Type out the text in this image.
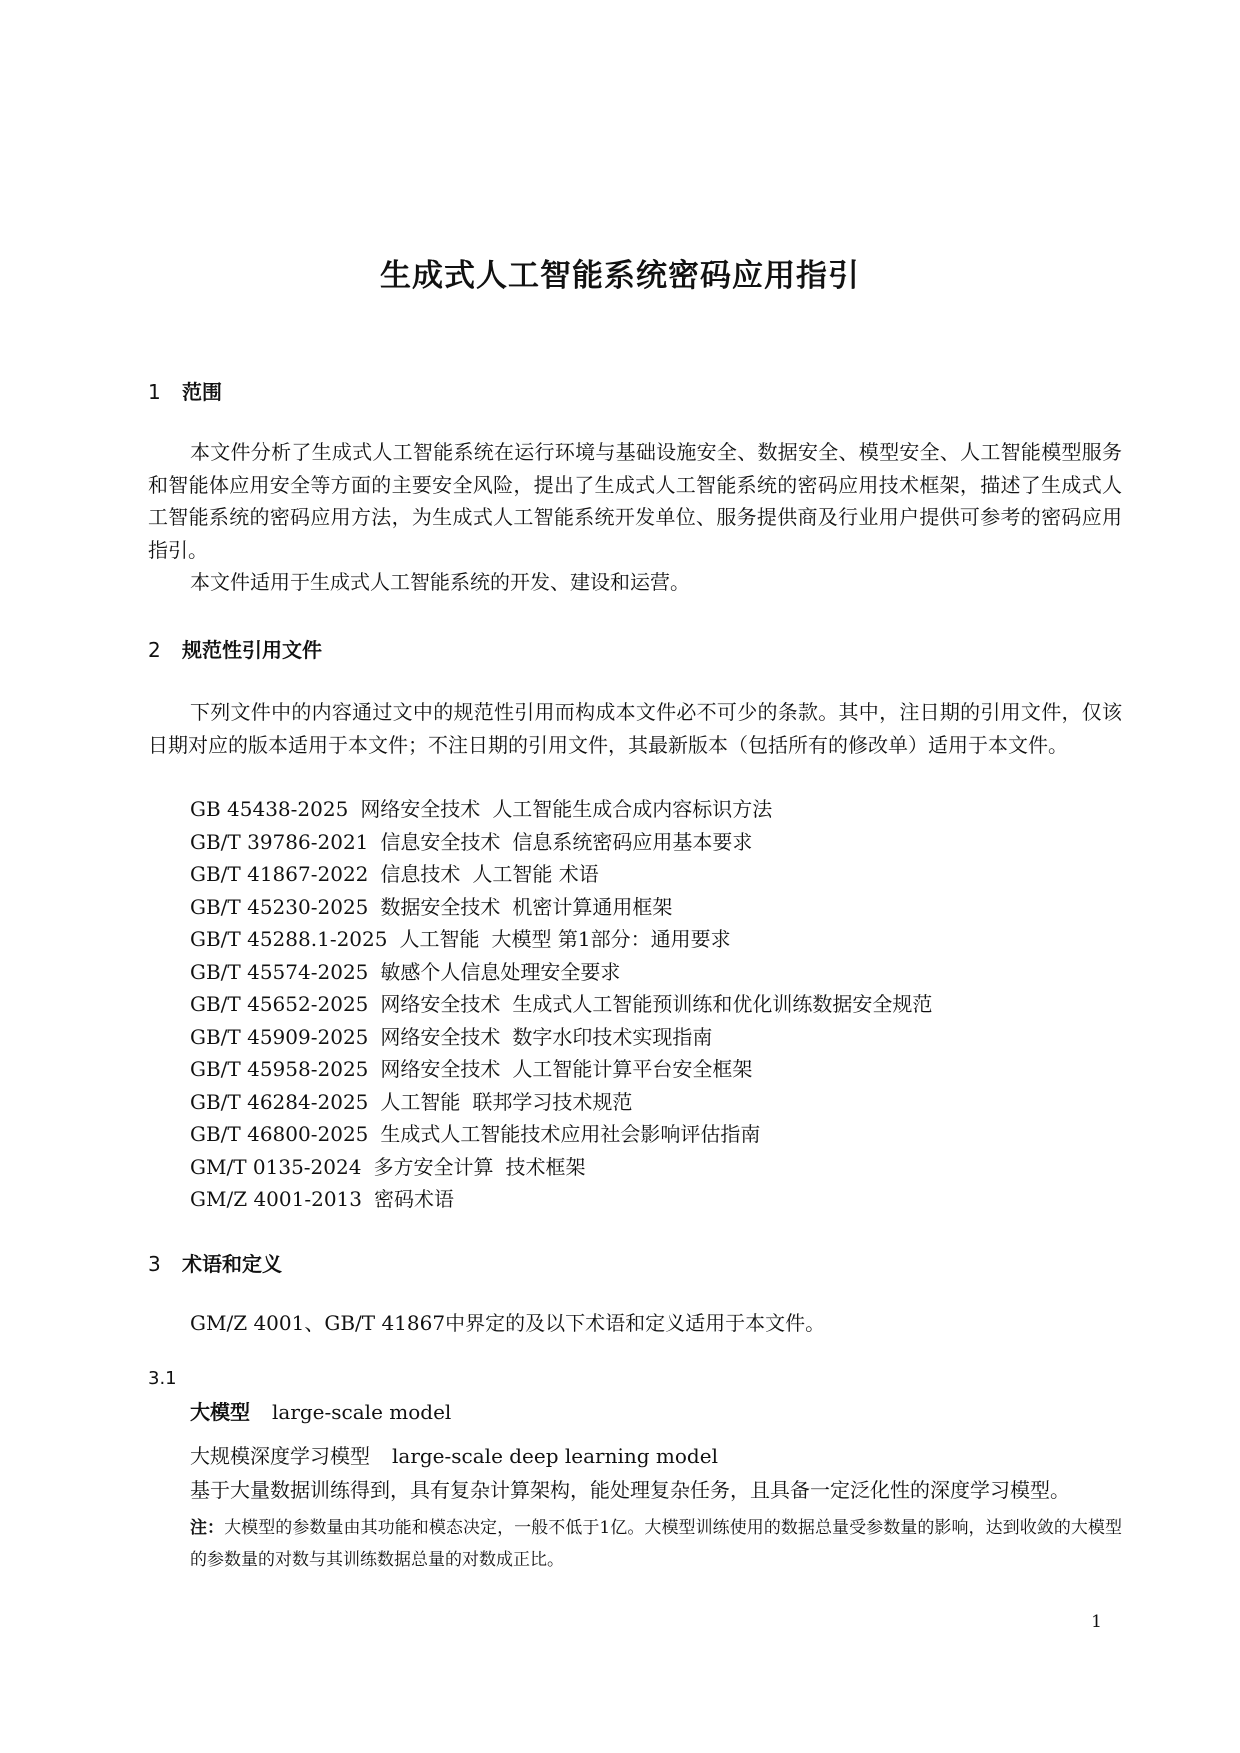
生成式人工智能系统密码应用指引
1 范围

本文件分析了生成式人工智能系统在运行环境与基础设施安全、数据安全、模型安全、人工智能模型服务和智能体应用安全等方面的主要安全风险，提出了生成式人工智能系统的密码应用技术框架，描述了生成式人工智能系统的密码应用方法，为生成式人工智能系统开发单位、服务提供商及行业用户提供可参考的密码应用指引。

本文件适用于生成式人工智能系统的开发、建设和运营。

2 规范性引用文件

下列文件中的内容通过文中的规范性引用而构成本文件必不可少的条款。其中，注日期的引用文件，仅该日期对应的版本适用于本文件；不注日期的引用文件，其最新版本（包括所有的修改单）适用于本文件。

GB 45438-2025 网络安全技术 人工智能生成合成内容标识方法
GB/T 39786-2021 信息安全技术 信息系统密码应用基本要求
GB/T 41867-2022 信息技术 人工智能 术语
GB/T 45230-2025 数据安全技术 机密计算通用框架
GB/T 45288.1-2025 人工智能 大模型 第1部分：通用要求
GB/T 45574-2025 敏感个人信息处理安全要求
GB/T 45652-2025 网络安全技术 生成式人工智能预训练和优化训练数据安全规范
GB/T 45909-2025 网络安全技术 数字水印技术实现指南
GB/T 45958-2025 网络安全技术 人工智能计算平台安全框架
GB/T 46284-2025 人工智能 联邦学习技术规范
GB/T 46800-2025 生成式人工智能技术应用社会影响评估指南
GM/T 0135-2024 多方安全计算 技术框架
GM/Z 4001-2013 密码术语
3 术语和定义

GM/Z 4001、GB/T 41867中界定的及以下术语和定义适用于本文件。

3.1

大模型 large-scale model

大规模深度学习模型 large-scale deep learning model

基于大量数据训练得到，具有复杂计算架构，能处理复杂任务，且具备一定泛化性的深度学习模型。

注：大模型的参数量由其功能和模态决定，一般不低于1亿。大模型训练使用的数据总量受参数量的影响，达到收敛的大模型的参数量的对数与其训练数据总量的对数成正比。

1
